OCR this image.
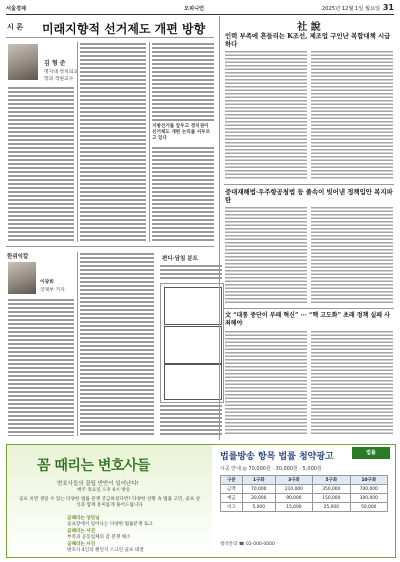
서울경제	오피니언	2025년 12월 1일 월요일 31
시 론 미래지향적 선거제도 개편 방향
김 형 준
명지대 정치외교학과 객원교수
지방선거를 앞두고 정치권이 선거제도 개편 논의를 서두르고 있다
한위익칼
이광희
국제부 기자
편디·담침 분트
社 說
인력 부족에 흔들리는 K조선, 제조업 구인난 복합대책 시급하다
중대재해법·우주항공청법 등 졸속이 빚어낸 정책입안 복지파탄
文 “대통 중단이 부패 혁신” ··· “핵 고도화” 초래 정책 실패 사죄해야
꼼 때리는 변호사들
변호사들의 꿀팁 반반이 일어난다!
매주 목요일 오후 6시 방송
골프 치면 생길 수 있는 다양한 법률 분쟁 궁금하셨다면? 다양한 상황 속 법률 고민, 골프 상식과 함께 흥미롭게 풀어드립니다
금때리는 상단님
골프장에서 일어나는 다양한 법률분쟁 토크
금때리는 사진
부족과 공동업체의 갑 분쟁 해소
금때리는 사진
변호사 4인의 챌린지 스크린 골프 대결
법률
법률방송 항목 법률 청약광고
시공 안내 ◎ 70,000원 · 30,000원 · 5,000원
구분	1구좌	3구좌	5구좌	10구좌
금액	70,000	210,000	350,000	700,000
예금	30,000	90,000	150,000	300,000
비고	5,000	15,000	25,000	50,000
청약문의 ☎ 02-000-0000
